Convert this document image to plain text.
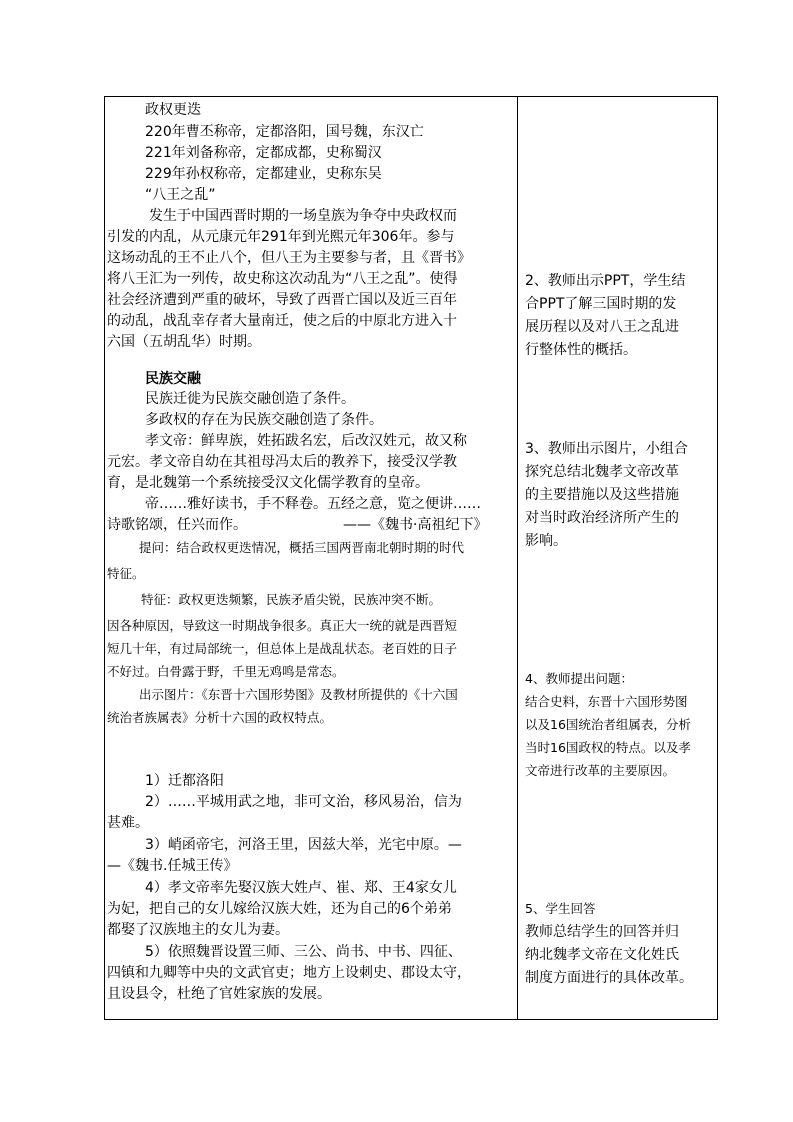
政权更迭
220年曹丕称帝，定都洛阳，国号魏，东汉亡
221年刘备称帝，定都成都，史称蜀汉
229年孙权称帝，定都建业，史称东吴
“八王之乱”
发生于中国西晋时期的一场皇族为争夺中央政权而
引发的内乱，从元康元年291年到光熙元年306年。参与
这场动乱的王不止八个，但八王为主要参与者，且《晋书》
将八王汇为一列传，故史称这次动乱为“八王之乱”。使得
社会经济遭到严重的破坏，导致了西晋亡国以及近三百年
的动乱，战乱幸存者大量南迁，使之后的中原北方进入十
六国（五胡乱华）时期。
民族交融
民族迁徙为民族交融创造了条件。
多政权的存在为民族交融创造了条件。
孝文帝：鲜卑族，姓拓跋名宏，后改汉姓元，故又称
元宏。孝文帝自幼在其祖母冯太后的教养下，接受汉学教
育，是北魏第一个系统接受汉文化儒学教育的皇帝。
帝……雅好读书，手不释卷。五经之意，览之便讲……
诗歌铭颂，任兴而作。	——《魏书·高祖纪下》
提问：结合政权更迭情况，概括三国两晋南北朝时期的时代
特征。
特征：政权更迭频繁，民族矛盾尖锐，民族冲突不断。
因各种原因，导致这一时期战争很多。真正大一统的就是西晋短
短几十年，有过局部统一，但总体上是战乱状态。老百姓的日子
不好过。白骨露于野，千里无鸡鸣是常态。
出示图片：《东晋十六国形势图》及教材所提供的《十六国
统治者族属表》分析十六国的政权特点。
1）迁都洛阳
2）……平城用武之地，非可文治，移风易治，信为
甚难。
3）峭函帝宅，河洛王里，因兹大举，光宅中原。—
—《魏书.任城王传》
4）孝文帝率先娶汉族大姓卢、崔、郑、王4家女儿
为妃，把自己的女儿嫁给汉族大姓，还为自己的6个弟弟
都娶了汉族地主的女儿为妻。
5）依照魏晋设置三师、三公、尚书、中书、四征、
四镇和九卿等中央的文武官吏；地方上设刺史、郡设太守，
且设县令，杜绝了官姓家族的发展。
2、教师出示PPT，学生结
合PPT了解三国时期的发
展历程以及对八王之乱进
行整体性的概括。
3、教师出示图片，小组合
探究总结北魏孝文帝改革
的主要措施以及这些措施
对当时政治经济所产生的
影响。
4、教师提出问题：
结合史料，东晋十六国形势图
以及16国统治者组属表，分析
当时16国政权的特点。以及孝
文帝进行改革的主要原因。
5、学生回答
教师总结学生的回答并归
纳北魏孝文帝在文化姓氏
制度方面进行的具体改革。
